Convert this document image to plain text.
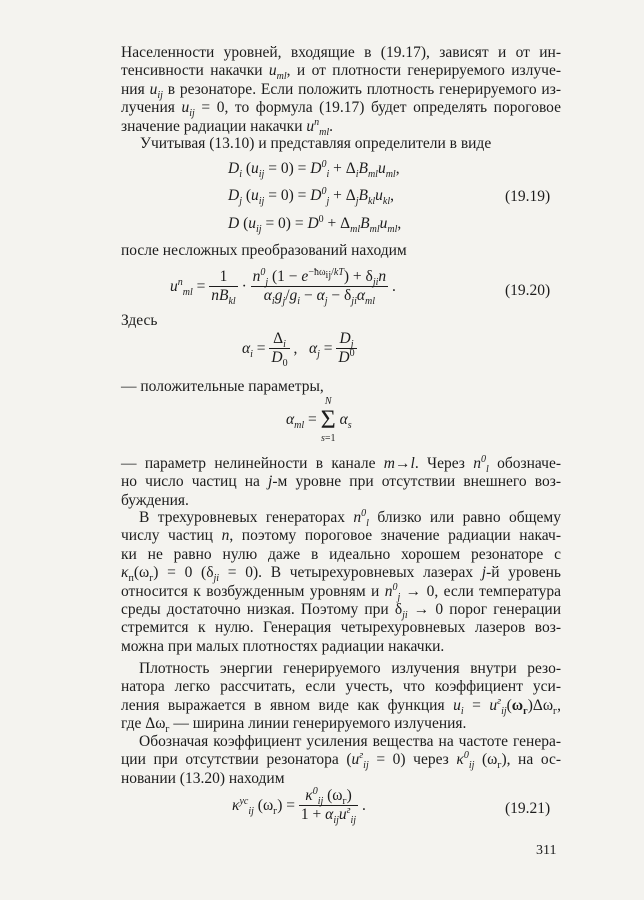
Населенности уровней, входящие в (19.17), зависят и от ин-
тенсивности накачки $u_{ml}$, и от плотности генерируемого излуче-
ния $u_{ij}$ в резонаторе. Если положить плотность генерируемого из-
лучения $u_{ij} = 0$, то формула (19.17) будет определять пороговое
значение радиации накачки $u^п_{ml}$.
Учитывая (13.10) и представляя определители в виде
$D_i$ $(u_{ij} = 0) = D^0_i + \Delta_iB_{ml}u_{ml}$,
$D_j$ $(u_{ij} = 0) = D^0_j + \Delta_jB_{kl}u_{kl}$,
D $(u_{ij} = 0) = D^0 + \Delta_{ml}B_{ml}u_{ml}$,
(19.19)
после несложных преобразований находим
$u^п_{ml} = \frac{1}{nB_{kl}} \cdot \frac{n^0_j (1 - e^{-ħ\omega_{ij}/kT}) + \delta_{ji}n}{\alpha_ig_j/g_i - \alpha_j - \delta_{ji}\alpha_{ml}}$ .	(19.20)
Здесь
$\alpha_i = \frac{\Delta_i}{D_0}$ ,   $\alpha_j = \frac{D_j}{D^0}$
— положительные параметры,
$\alpha_{ml}$ =
N
Σ
s=1
$\alpha_s$
— параметр нелинейности в канале m→l. Через $n^0_l$ обозначе-
но число частиц на j-м уровне при отсутствии внешнего воз-
буждения.
В трехуровневых генераторах $n^0_l$ близко или равно общему
числу частиц n, поэтому пороговое значение радиации накач-
ки не равно нулю даже в идеально хорошем резонаторе с
$\kappa_п(\omega_г) = 0$ $(\delta_{ji} = 0)$. В четырехуровневых лазерах j-й уровень
относится к возбужденным уровням и $n^0_j \to 0$, если температура
среды достаточно низкая. Поэтому при $\delta_{ji} \to 0$ порог генерации
стремится к нулю. Генерация четырехуровневых лазеров воз-
можна при малых плотностях радиации накачки.
Плотность энергии генерируемого излучения внутри резо-
натора легко рассчитать, если учесть, что коэффициент уси-
ления выражается в явном виде как функция $u_i = u^г_{ij}(\omega_г)\Delta\omega_г$,
где $\Delta\omega_г$ — ширина линии генерируемого излучения.
Обозначая коэффициент усиления вещества на частоте генера-
ции при отсутствии резонатора $(u^г_{ij} = 0)$ через $\kappa^0_{ij}$ $(\omega_г)$, на ос-
новании (13.20) находим
$\kappa^{ус}_{ij}$ $(\omega_г) = \frac{\kappa^0_{ij} (\omega_г)}{1 + \alpha_{ij}u^г_{ij}}$ .	(19.21)
311
